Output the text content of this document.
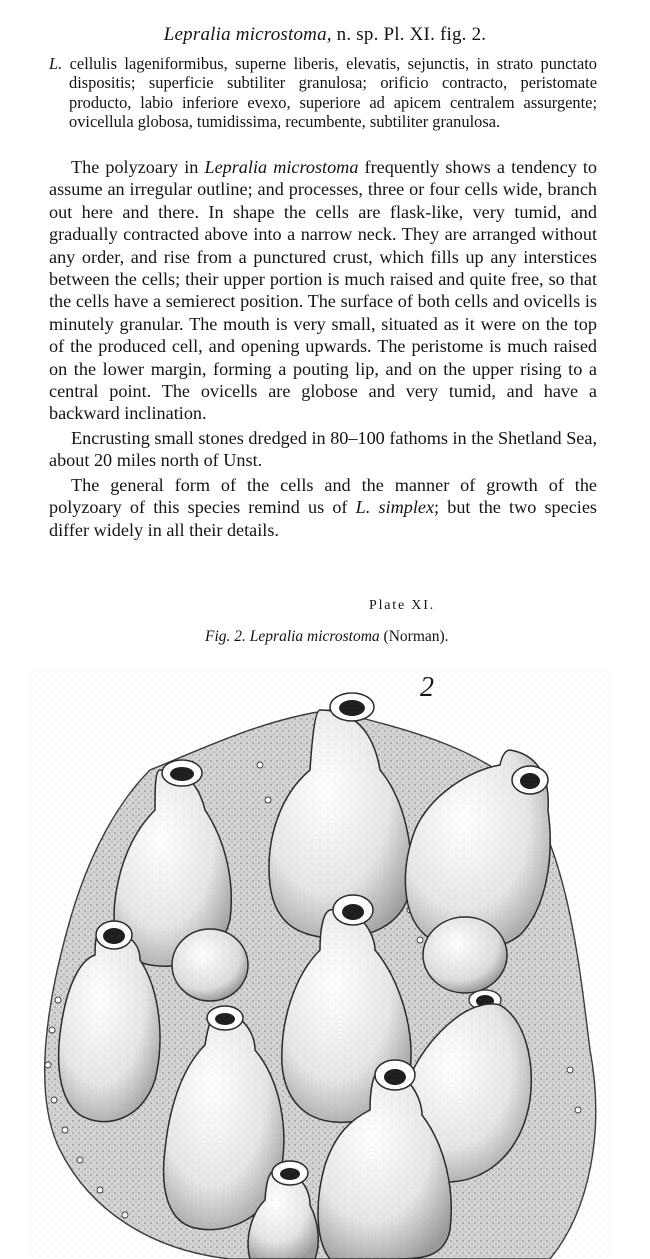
Lepralia microstoma, n. sp. Pl. XI. fig. 2.

L. cellulis lageniformibus, superne liberis, elevatis, sejunctis, in strato punctato dispositis; superficie subtiliter granulosa; orificio contracto, peristomate producto, labio inferiore evexo, superiore ad apicem centralem assurgente; ovicellula globosa, tumidissima, recumbente, subtiliter granulosa.

The polyzoary in Lepralia microstoma frequently shows a tendency to assume an irregular outline; and processes, three or four cells wide, branch out here and there. In shape the cells are flask-like, very tumid, and gradually contracted above into a narrow neck. They are arranged without any order, and rise from a punctured crust, which fills up any interstices between the cells; their upper portion is much raised and quite free, so that the cells have a semierect position. The surface of both cells and ovicells is minutely granular. The mouth is very small, situated as it were on the top of the produced cell, and opening upwards. The peristome is much raised on the lower margin, forming a pouting lip, and on the upper rising to a central point. The ovicells are globose and very tumid, and have a backward inclination.

Encrusting small stones dredged in 80–100 fathoms in the Shetland Sea, about 20 miles north of Unst.

The general form of the cells and the manner of growth of the polyzoary of this species remind us of L. simplex; but the two species differ widely in all their details.

Plate XI.
Fig. 2. Lepralia microstoma (Norman).
2
